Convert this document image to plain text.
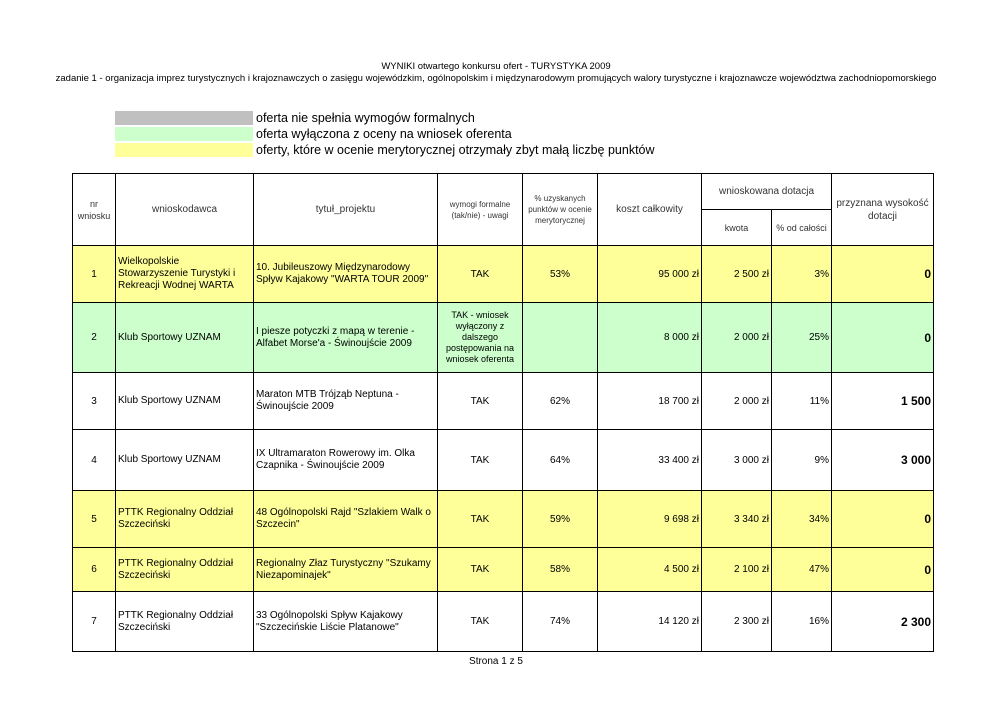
WYNIKI otwartego konkursu ofert - TURYSTYKA 2009
zadanie 1 - organizacja imprez turystycznych i krajoznawczych o zasięgu wojewódzkim, ogólnopolskim i międzynarodowym promujących walory turystyczne i krajoznawcze województwa zachodniopomorskiego
oferta nie spełnia wymogów formalnych
oferta wyłączona z oceny na wniosek oferenta
oferty, które w ocenie merytorycznej otrzymały zbyt małą liczbę punktów
nr wniosku	wnioskodawca	tytuł_projektu	wymogi formalne (tak/nie) - uwagi	% uzyskanych punktów w ocenie merytorycznej	koszt całkowity	wnioskowana dotacja		przyznana wysokość dotacji
						kwota	% od całości	
1	Wielkopolskie Stowarzyszenie Turystyki i Rekreacji Wodnej WARTA	10. Jubileuszowy Międzynarodowy Spływ Kajakowy "WARTA TOUR 2009"	TAK	53%	95 000 zł	2 500 zł	3%	0
2	Klub Sportowy UZNAM	I piesze potyczki z mapą w terenie - Alfabet Morse'a - Świnoujście 2009	TAK - wniosek wyłączony z dalszego postępowania na wniosek oferenta		8 000 zł	2 000 zł	25%	0
3	Klub Sportowy UZNAM	Maraton MTB Trójząb Neptuna - Świnoujście 2009	TAK	62%	18 700 zł	2 000 zł	11%	1 500
4	Klub Sportowy UZNAM	IX Ultramaraton Rowerowy im. Olka Czapnika - Świnoujście 2009	TAK	64%	33 400 zł	3 000 zł	9%	3 000
5	PTTK Regionalny Oddział Szczeciński	48 Ogólnopolski Rajd "Szlakiem Walk o Szczecin"	TAK	59%	9 698 zł	3 340 zł	34%	0
6	PTTK Regionalny Oddział Szczeciński	Regionalny Złaz Turystyczny "Szukamy Niezapominajek"	TAK	58%	4 500 zł	2 100 zł	47%	0
7	PTTK Regionalny Oddział Szczeciński	33 Ogólnopolski Spływ Kajakowy "Szczecińskie Liście Platanowe"	TAK	74%	14 120 zł	2 300 zł	16%	2 300
Strona 1 z 5
